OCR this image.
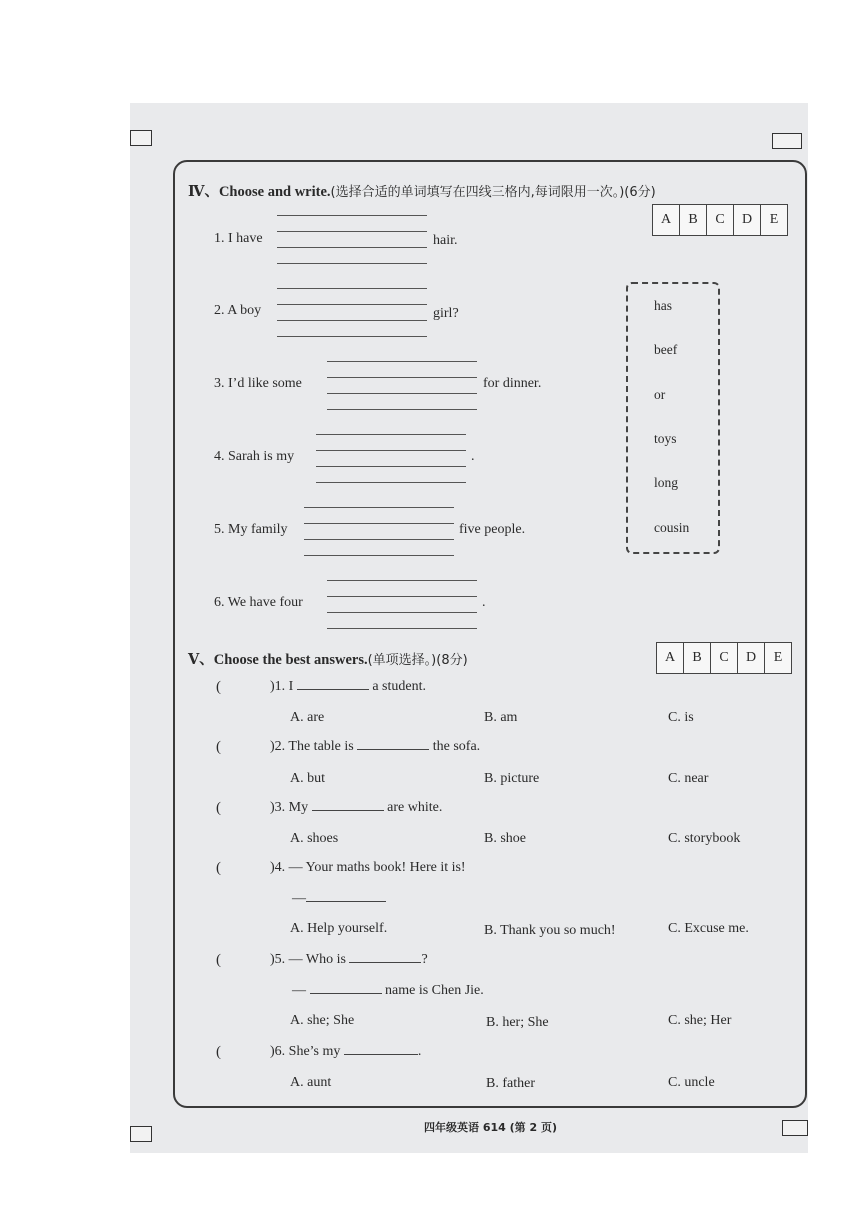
Ⅳ、Choose and write.(选择合适的单词填写在四线三格内,每词限用一次。)(6分)
A	B	C	D	E
1. I have	hair.
2. A boy	girl?
3. I’d like some	for dinner.
4. Sarah is my	.
5. My family	five people.
6. We have four	.
has
beef
or
toys
long
cousin
Ⅴ、Choose the best answers.(单项选择。)(8分)	A	B	C	D	E
(	)1. I	a student.
A. are	B. am	C. is
(	)2. The table is	the sofa.
A. but	B. picture	C. near
(	)3. My	are white.
A. shoes	B. shoe	C. storybook
(	)4. — Your maths book! Here it is!
—
A. Help yourself.	B. Thank you so much!	C. Excuse me.
(	)5. — Who is	?
—	name is Chen Jie.
A. she; She	B. her; She	C. she; Her
(	)6. She’s my	.
A. aunt	B. father	C. uncle
四年级英语 614 (第 2 页)
